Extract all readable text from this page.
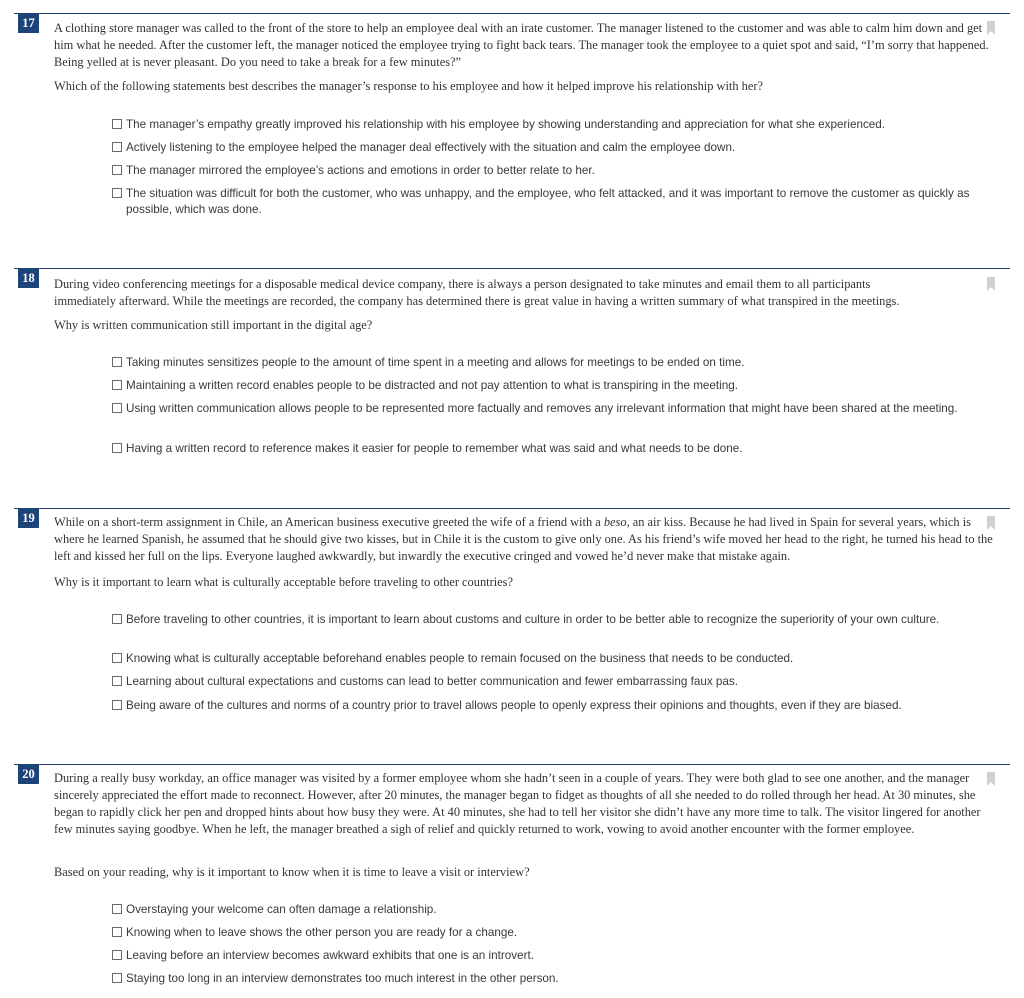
17	A clothing store manager was called to the front of the store to help an employee deal with an irate customer. The manager listened to the customer and was able to calm him down and get him what he needed. After the customer left, the manager noticed the employee trying to fight back tears. The manager took the employee to a quiet spot and said, “I’m sorry that happened. Being yelled at is never pleasant. Do you need to take a break for a few minutes?”
Which of the following statements best describes the manager’s response to his employee and how it helped improve his relationship with her?
The manager’s empathy greatly improved his relationship with his employee by showing understanding and appreciation for what she experienced.
Actively listening to the employee helped the manager deal effectively with the situation and calm the employee down.
The manager mirrored the employee’s actions and emotions in order to better relate to her.
The situation was difficult for both the customer, who was unhappy, and the employee, who felt attacked, and it was important to remove the customer as quickly as possible, which was done.
18	During video conferencing meetings for a disposable medical device company, there is always a person designated to take minutes and email them to all participants immediately afterward. While the meetings are recorded, the company has determined there is great value in having a written summary of what transpired in the meetings.
Why is written communication still important in the digital age?
Taking minutes sensitizes people to the amount of time spent in a meeting and allows for meetings to be ended on time.
Maintaining a written record enables people to be distracted and not pay attention to what is transpiring in the meeting.
Using written communication allows people to be represented more factually and removes any irrelevant information that might have been shared at the meeting.
Having a written record to reference makes it easier for people to remember what was said and what needs to be done.
19	While on a short-term assignment in Chile, an American business executive greeted the wife of a friend with a beso, an air kiss. Because he had lived in Spain for several years, which is where he learned Spanish, he assumed that he should give two kisses, but in Chile it is the custom to give only one. As his friend’s wife moved her head to the right, he turned his head to the left and kissed her full on the lips. Everyone laughed awkwardly, but inwardly the executive cringed and vowed he’d never make that mistake again.
Why is it important to learn what is culturally acceptable before traveling to other countries?
Before traveling to other countries, it is important to learn about customs and culture in order to be better able to recognize the superiority of your own culture.
Knowing what is culturally acceptable beforehand enables people to remain focused on the business that needs to be conducted.
Learning about cultural expectations and customs can lead to better communication and fewer embarrassing faux pas.
Being aware of the cultures and norms of a country prior to travel allows people to openly express their opinions and thoughts, even if they are biased.
20	During a really busy workday, an office manager was visited by a former employee whom she hadn’t seen in a couple of years. They were both glad to see one another, and the manager sincerely appreciated the effort made to reconnect. However, after 20 minutes, the manager began to fidget as thoughts of all she needed to do rolled through her head. At 30 minutes, she began to rapidly click her pen and dropped hints about how busy they were. At 40 minutes, she had to tell her visitor she didn’t have any more time to talk. The visitor lingered for another few minutes saying goodbye. When he left, the manager breathed a sigh of relief and quickly returned to work, vowing to avoid another encounter with the former employee.
Based on your reading, why is it important to know when it is time to leave a visit or interview?
Overstaying your welcome can often damage a relationship.
Knowing when to leave shows the other person you are ready for a change.
Leaving before an interview becomes awkward exhibits that one is an introvert.
Staying too long in an interview demonstrates too much interest in the other person.
